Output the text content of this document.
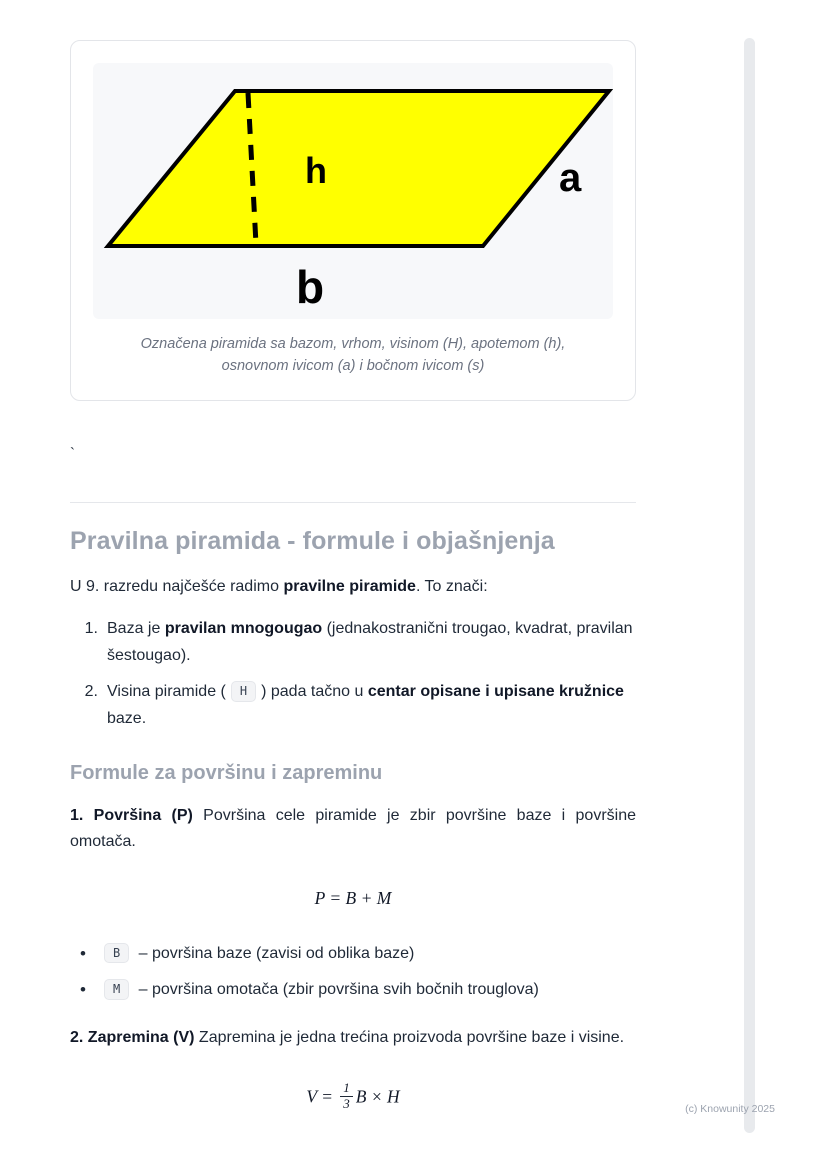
h	a
b
Označena piramida sa bazom, vrhom, visinom (H), apotemom (h), osnovnom ivicom (a) i bočnom ivicom (s)
`
Pravilna piramida - formule i objašnjenja

U 9. razredu najčešće radimo pravilne piramide. To znači:

1. Baza je pravilan mnogougao (jednakostranični trougao, kvadrat, pravilan šestougao).
2. Visina piramide ( H ) pada tačno u centar opisane i upisane kružnice baze.
Formule za površinu i zapreminu

1. Površina (P) Površina cele piramide je zbir površine baze i površine omotača.

P = B + M
•	B – površina baze (zavisi od oblika baze)
•	M – površina omotača (zbir površina svih bočnih trouglova)

2. Zapremina (V) Zapremina je jedna trećina proizvoda površine baze i visine.

$V = \frac{1}{3}$ B × H
(c) Knowunity 2025
